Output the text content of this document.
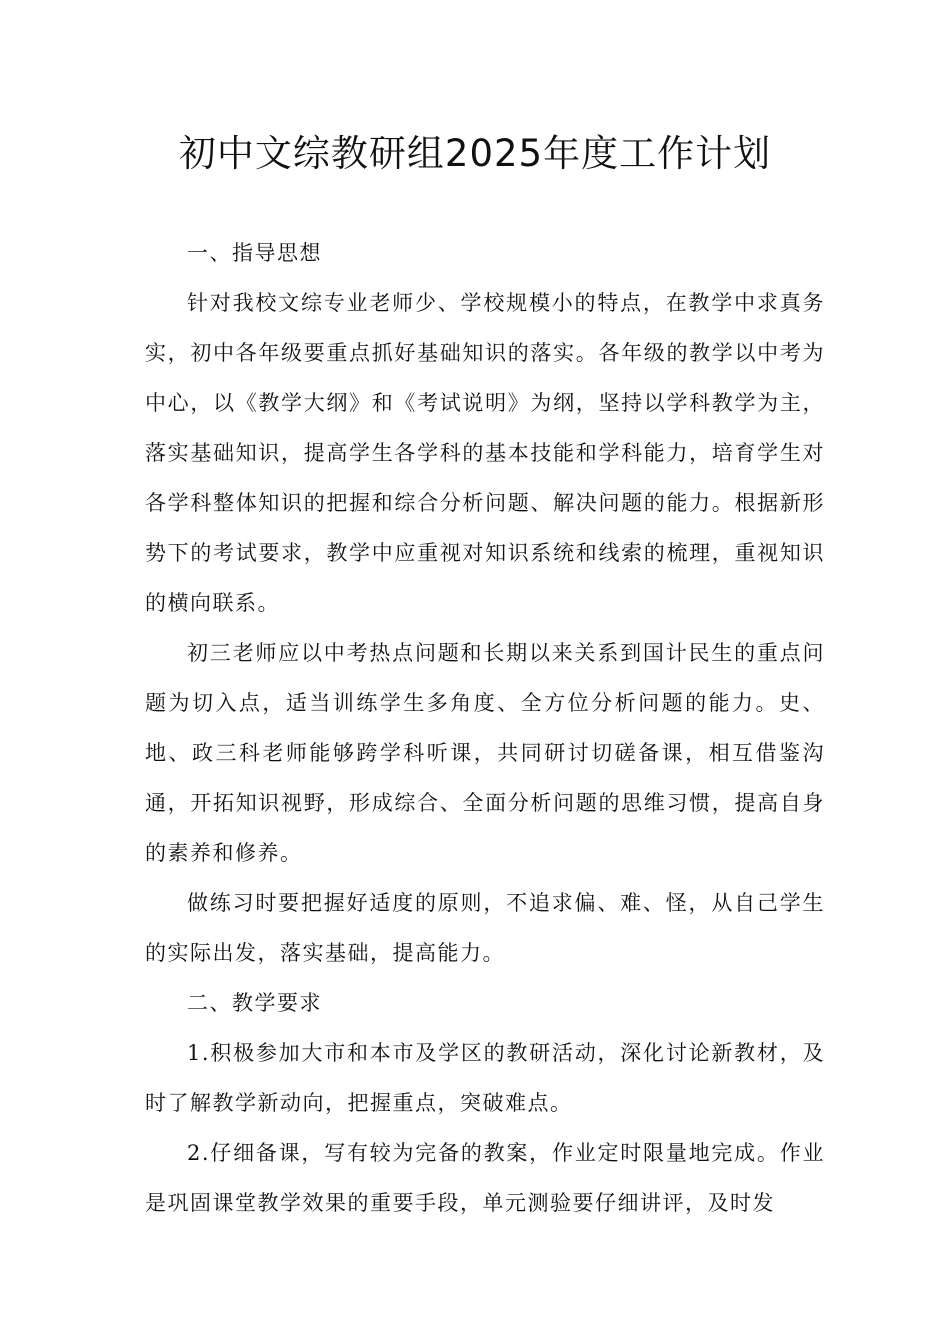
初中文综教研组2025年度工作计划

一、指导思想

针对我校文综专业老师少、学校规模小的特点，在教学中求真务实，初中各年级要重点抓好基础知识的落实。各年级的教学以中考为中心，以《教学大纲》和《考试说明》为纲，坚持以学科教学为主，落实基础知识，提高学生各学科的基本技能和学科能力，培育学生对各学科整体知识的把握和综合分析问题、解决问题的能力。根据新形势下的考试要求，教学中应重视对知识系统和线索的梳理，重视知识的横向联系。

初三老师应以中考热点问题和长期以来关系到国计民生的重点问题为切入点，适当训练学生多角度、全方位分析问题的能力。史、地、政三科老师能够跨学科听课，共同研讨切磋备课，相互借鉴沟通，开拓知识视野，形成综合、全面分析问题的思维习惯，提高自身的素养和修养。

做练习时要把握好适度的原则，不追求偏、难、怪，从自己学生的实际出发，落实基础，提高能力。

二、教学要求

1.积极参加大市和本市及学区的教研活动，深化讨论新教材，及时了解教学新动向，把握重点，突破难点。

2.仔细备课，写有较为完备的教案，作业定时限量地完成。作业是巩固课堂教学效果的重要手段，单元测验要仔细讲评，及时发
